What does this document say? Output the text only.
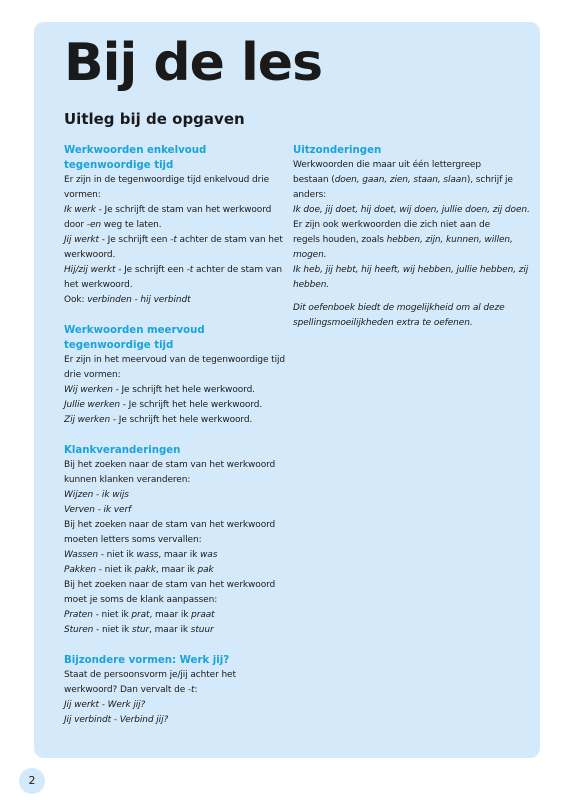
Bij de les
Uitleg bij de opgaven
Werkwoorden enkelvoud tegenwoordige tijd

Er zijn in de tegenwoordige tijd enkelvoud drie

vormen:

Ik werk - Je schrijft de stam van het werkwoord

door -en weg te laten.

Jij werkt - Je schrijft een -t achter de stam van het

werkwoord.

Hij/zij werkt - Je schrijft een -t achter de stam van

het werkwoord.

Ook: verbinden - hij verbindt

Werkwoorden meervoud tegenwoordige tijd

Er zijn in het meervoud van de tegenwoordige tijd

drie vormen:

Wij werken - Je schrijft het hele werkwoord.

Jullie werken - Je schrijft het hele werkwoord.

Zij werken - Je schrijft het hele werkwoord.

Klankveranderingen

Bij het zoeken naar de stam van het werkwoord

kunnen klanken veranderen:

Wijzen - ik wijs

Verven - ik verf

Bij het zoeken naar de stam van het werkwoord

moeten letters soms vervallen:

Wassen - niet ik wass, maar ik was

Pakken - niet ik pakk, maar ik pak

Bij het zoeken naar de stam van het werkwoord

moet je soms de klank aanpassen:

Praten - niet ik prat, maar ik praat

Sturen - niet ik stur, maar ik stuur

Bijzondere vormen: Werk jij?

Staat de persoonsvorm je/jij achter het

werkwoord? Dan vervalt de -t:

Jij werkt - Werk jij?

Jij verbindt - Verbind jij?

Uitzonderingen

Werkwoorden die maar uit één lettergreep

bestaan (doen, gaan, zien, staan, slaan), schrijf je

anders:

Ik doe, jij doet, hij doet, wij doen, jullie doen, zij doen.

Er zijn ook werkwoorden die zich niet aan de

regels houden, zoals hebben, zijn, kunnen, willen,

mogen.

Ik heb, jij hebt, hij heeft, wij hebben, jullie hebben, zij

hebben.

Dit oefenboek biedt de mogelijkheid om al deze

spellingsmoeilijkheden extra te oefenen.

2
